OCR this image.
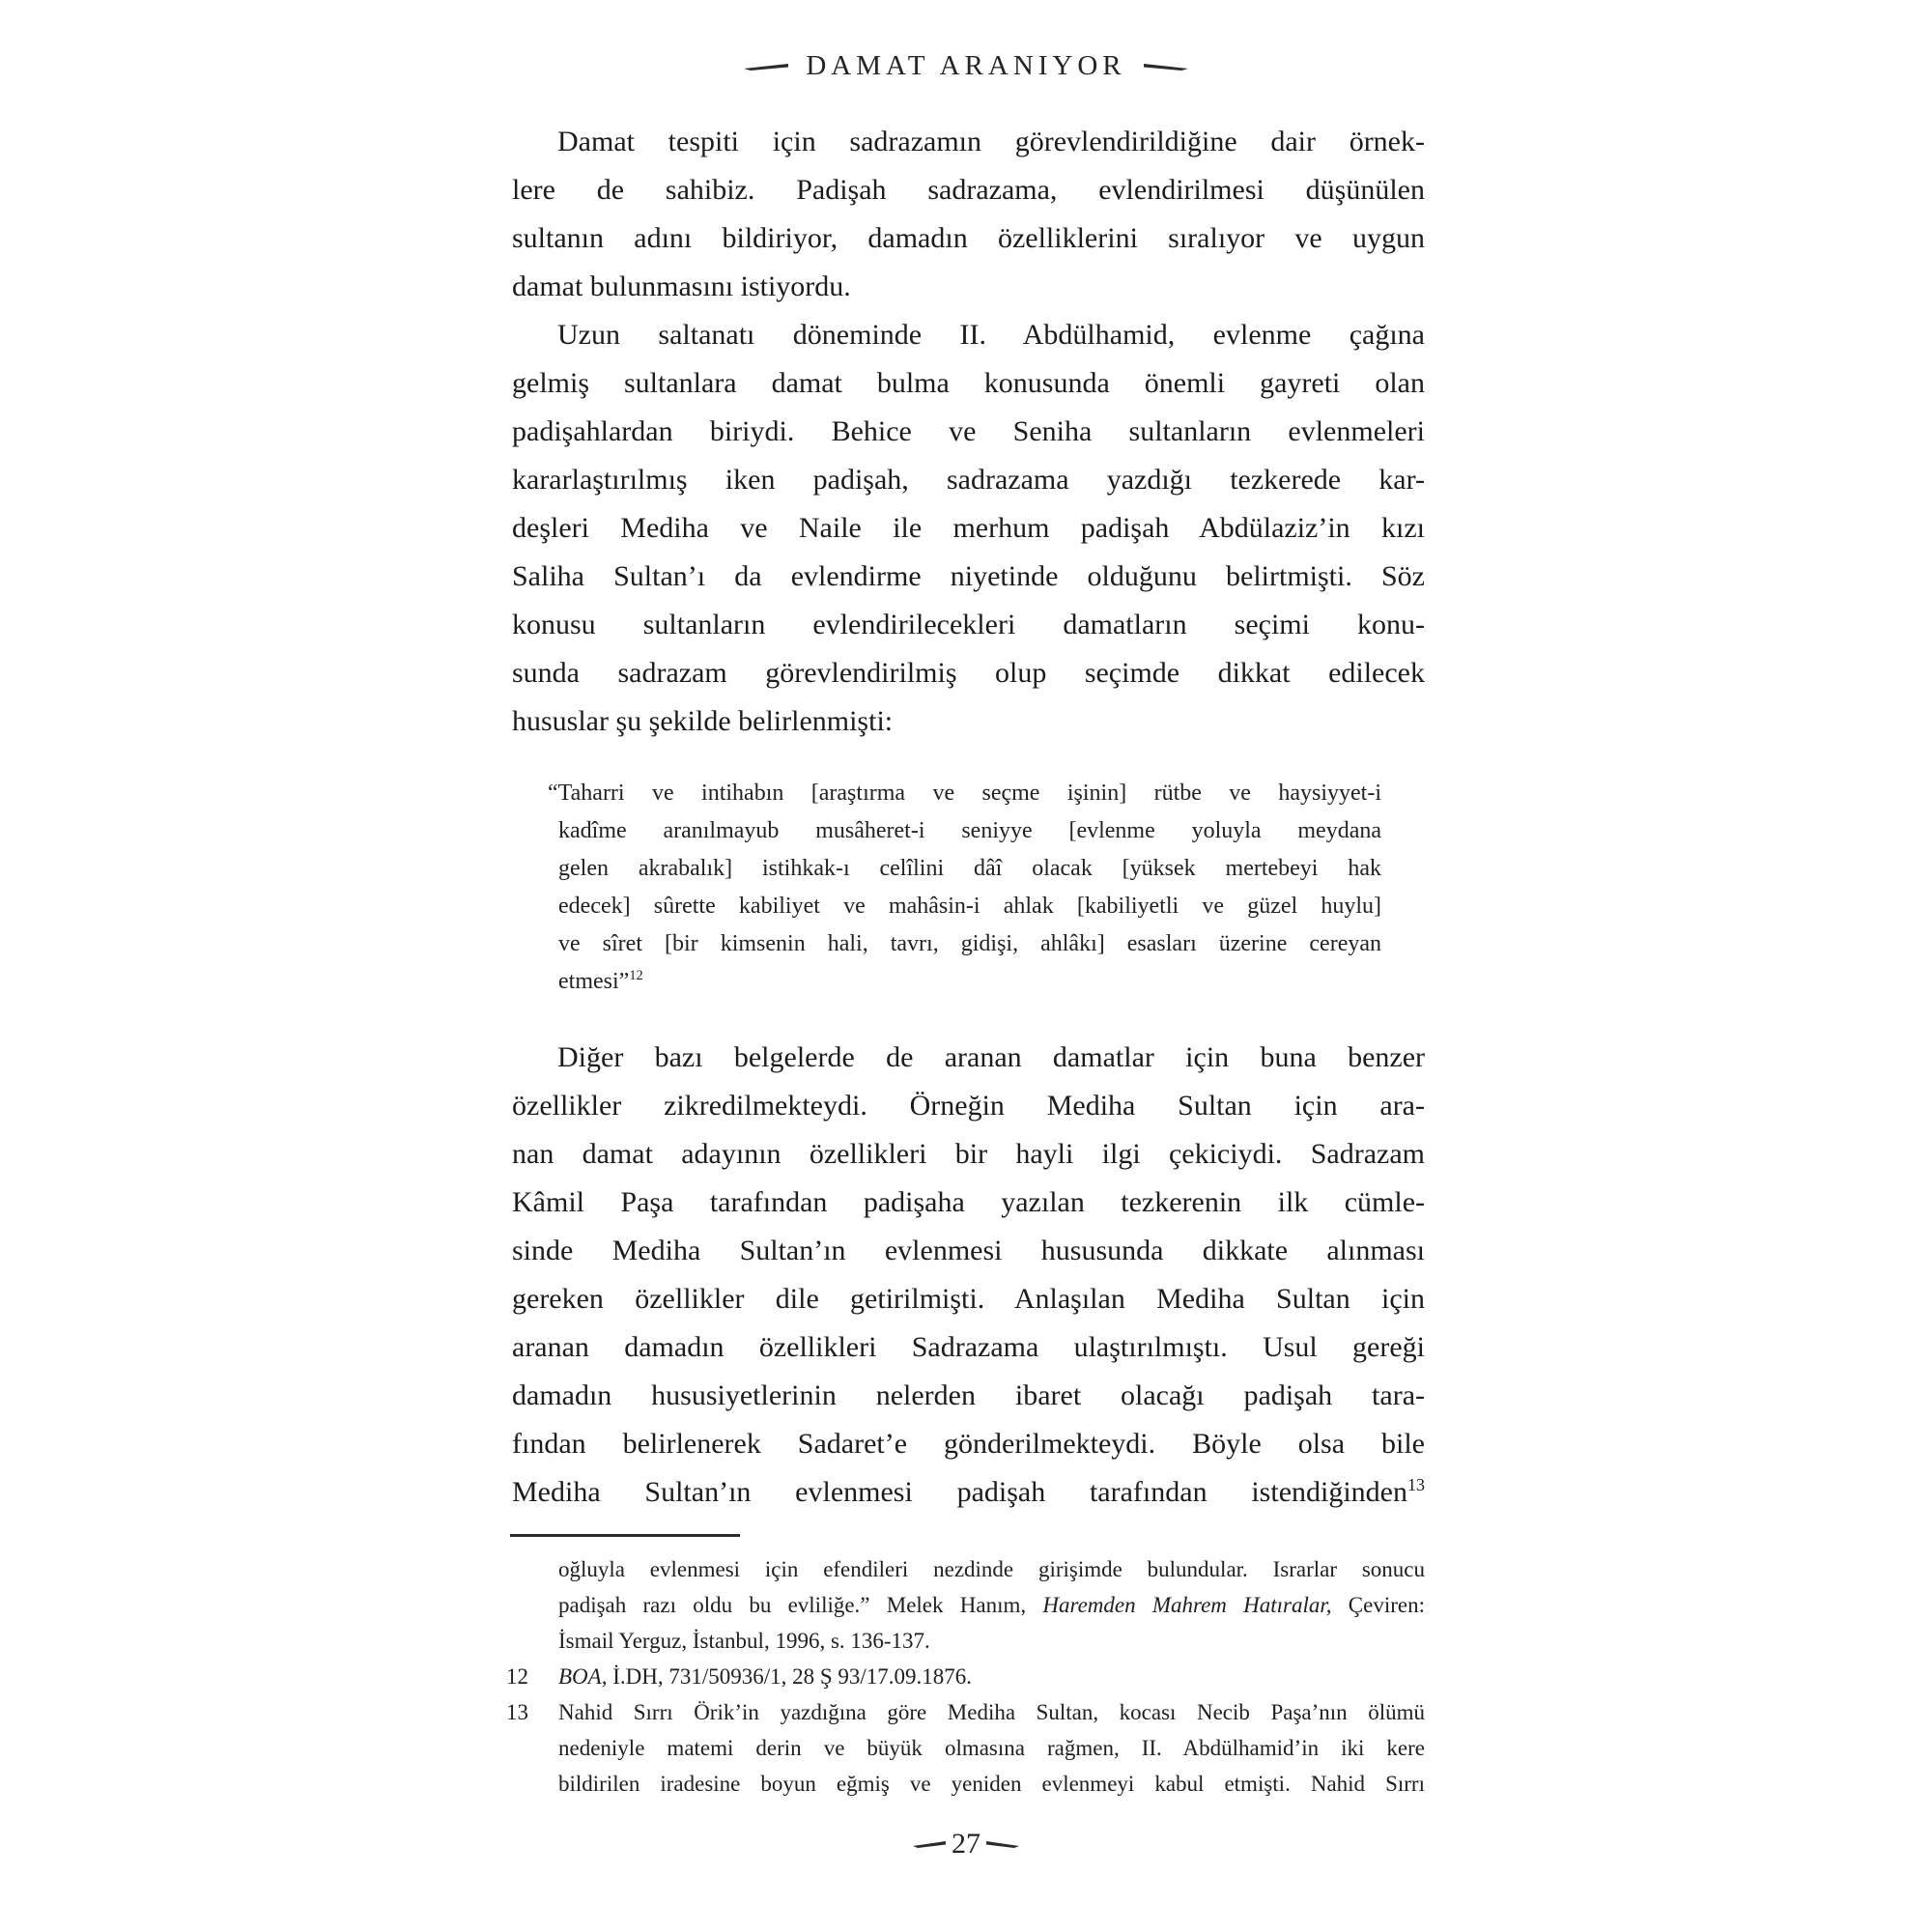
DAMAT ARANIYOR

Damat tespiti için sadrazamın görevlendirildiğine dair örnek-
lere de sahibiz. Padişah sadrazama, evlendirilmesi düşünülen
sultanın adını bildiriyor, damadın özelliklerini sıralıyor ve uygun
damat bulunmasını istiyordu.

Uzun saltanatı döneminde II. Abdülhamid, evlenme çağına
gelmiş sultanlara damat bulma konusunda önemli gayreti olan
padişahlardan biriydi. Behice ve Seniha sultanların evlenmeleri
kararlaştırılmış iken padişah, sadrazama yazdığı tezkerede kar-
deşleri Mediha ve Naile ile merhum padişah Abdülaziz’in kızı
Saliha Sultan’ı da evlendirme niyetinde olduğunu belirtmişti. Söz
konusu sultanların evlendirilecekleri damatların seçimi konu-
sunda sadrazam görevlendirilmiş olup seçimde dikkat edilecek
hususlar şu şekilde belirlenmişti:

“Taharri ve intihabın [araştırma ve seçme işinin] rütbe ve haysiyyet-i
kadîme aranılmayub musâheret-i seniyye [evlenme yoluyla meydana
gelen akrabalık] istihkak-ı celîlini dâî olacak [yüksek mertebeyi hak
edecek] sûrette kabiliyet ve mahâsin-i ahlak [kabiliyetli ve güzel huylu]
ve sîret [bir kimsenin hali, tavrı, gidişi, ahlâkı] esasları üzerine cereyan
etmesi”$^{12}$

Diğer bazı belgelerde de aranan damatlar için buna benzer
özellikler zikredilmekteydi. Örneğin Mediha Sultan için ara-
nan damat adayının özellikleri bir hayli ilgi çekiciydi. Sadrazam
Kâmil Paşa tarafından padişaha yazılan tezkerenin ilk cümle-
sinde Mediha Sultan’ın evlenmesi hususunda dikkate alınması
gereken özellikler dile getirilmişti. Anlaşılan Mediha Sultan için
aranan damadın özellikleri Sadrazama ulaştırılmıştı. Usul gereği
damadın hususiyetlerinin nelerden ibaret olacağı padişah tara-
fından belirlenerek Sadaret’e gönderilmekteydi. Böyle olsa bile
Mediha Sultan’ın evlenmesi padişah tarafından istendiğinden$^{13}$

oğluyla evlenmesi için efendileri nezdinde girişimde bulundular. Israrlar sonucu
padişah razı oldu bu evliliğe.” Melek Hanım, Haremden Mahrem Hatıralar, Çeviren:
İsmail Yerguz, İstanbul, 1996, s. 136-137.
12	BOA, İ.DH, 731/50936/1, 28 Ş 93/17.09.1876.
13	Nahid Sırrı Örik’in yazdığına göre Mediha Sultan, kocası Necib Paşa’nın ölümü
nedeniyle matemi derin ve büyük olmasına rağmen, II. Abdülhamid’in iki kere
bildirilen iradesine boyun eğmiş ve yeniden evlenmeyi kabul etmişti. Nahid Sırrı
27
